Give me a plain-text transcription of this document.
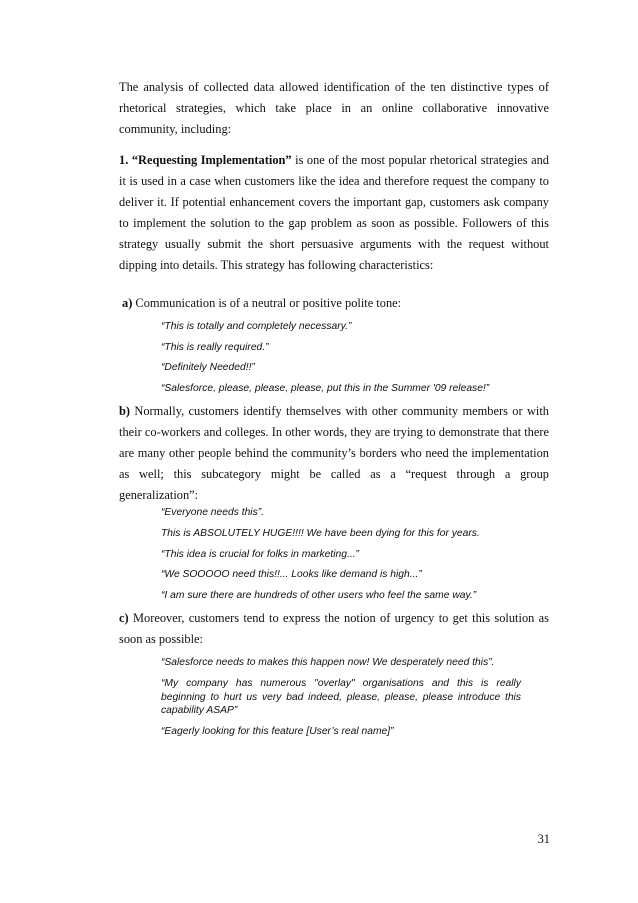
The analysis of collected data allowed identification of the ten distinctive types of rhetorical strategies, which take place in an online collaborative innovative community, including:

1. “Requesting Implementation” is one of the most popular rhetorical strategies and it is used in a case when customers like the idea and therefore request the company to deliver it. If potential enhancement covers the important gap, customers ask company to implement the solution to the gap problem as soon as possible. Followers of this strategy usually submit the short persuasive arguments with the request without dipping into details. This strategy has following characteristics:

a) Communication is of a neutral or positive polite tone:

“This is totally and completely necessary.”

“This is really required.”

“Definitely Needed!!”

“Salesforce, please, please, please, put this in the Summer '09 release!”

b) Normally, customers identify themselves with other community members or with their co-workers and colleges. In other words, they are trying to demonstrate that there are many other people behind the community’s borders who need the implementation as well; this subcategory might be called as a “request through a group generalization”:

“Everyone needs this”.

This is ABSOLUTELY HUGE!!!! We have been dying for this for years.

“This idea is crucial for folks in marketing...”

“We SOOOOO need this!!... Looks like demand is high...”

“I am sure there are hundreds of other users who feel the same way.”

c) Moreover, customers tend to express the notion of urgency to get this solution as soon as possible:

“Salesforce needs to makes this happen now! We desperately need this”.

“My company has numerous "overlay" organisations and this is really beginning to hurt us very bad indeed, please, please, please introduce this capability ASAP”

“Eagerly looking for this feature [User’s real name]”

31
